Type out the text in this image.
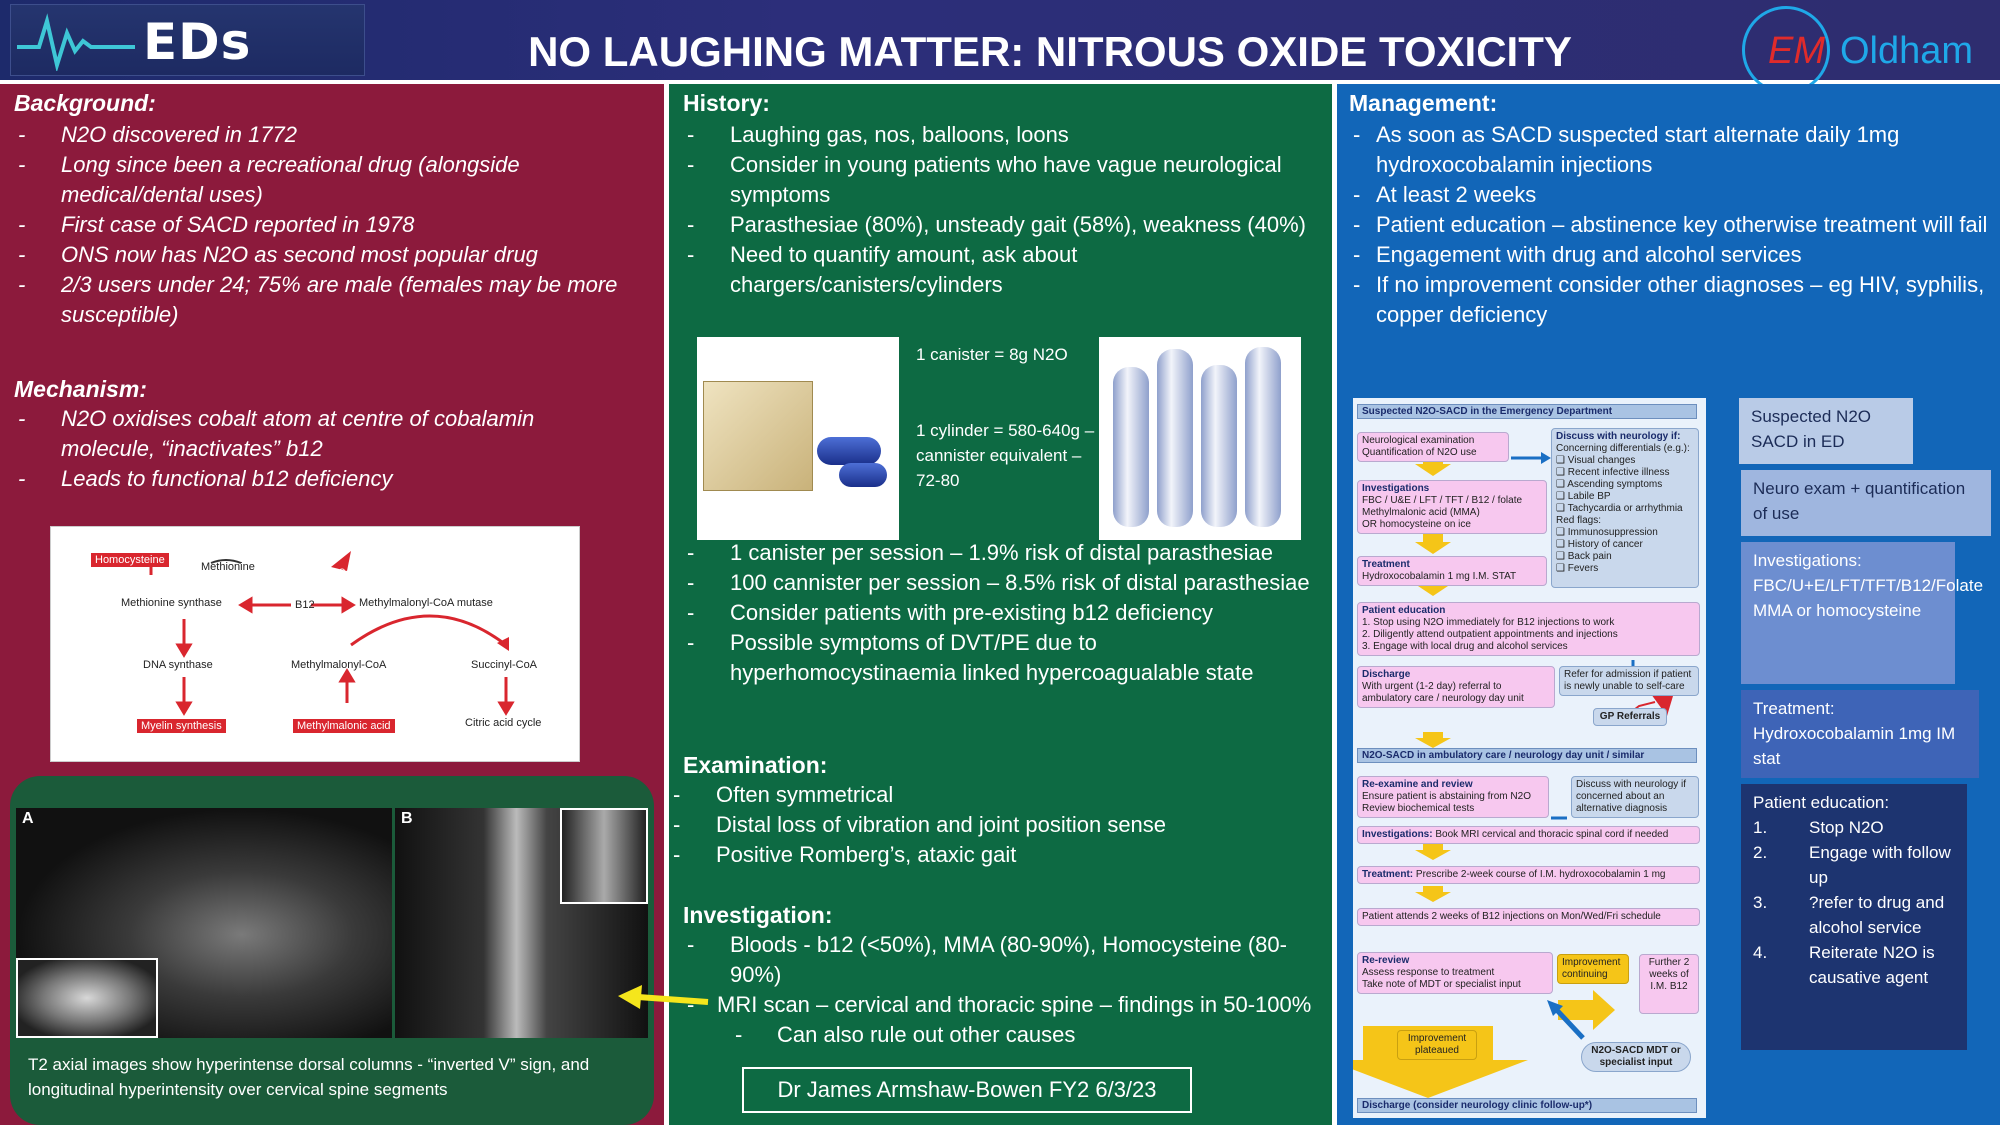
EDs	NO LAUGHING MATTER: NITROUS OXIDE TOXICITY	EM Oldham
Background:
- N2O discovered in 1772
- Long since been a recreational drug (alongside medical/dental uses)
- First case of SACD reported in 1978
- ONS now has N2O as second most popular drug
- 2/3 users under 24; 75% are male (females may be more susceptible)
Mechanism:
- N2O oxidises cobalt atom at centre of cobalamin molecule, “inactivates” b12
- Leads to functional b12 deficiency
Homocysteine
Methionine
Methionine synthase	B12
N2O
Methylmalonyl-CoA mutase
DNA synthase	Methylmalonyl-CoA	Succinyl-CoA
Myelin synthesis	Methylmalonic acid	Citric acid cycle
A	B
T2 axial images show hyperintense dorsal columns - “inverted V” sign, and longitudinal hyperintensity over cervical spine segments
History:
- Laughing gas, nos, balloons, loons
- Consider in young patients who have vague neurological symptoms
- Parasthesiae (80%), unsteady gait (58%), weakness (40%)
- Need to quantify amount, ask about chargers/canisters/cylinders
1 canister = 8g N2O
1 cylinder = 580-640g – cannister equivalent – 72-80
- 1 canister per session – 1.9% risk of distal parasthesiae
- 100 cannister per session – 8.5% risk of distal parasthesiae
- Consider patients with pre-existing b12 deficiency
- Possible symptoms of DVT/PE due to hyperhomocystinaemia linked hypercoagualable state
Examination:
- Often symmetrical
- Distal loss of vibration and joint position sense
- Positive Romberg’s, ataxic gait
Investigation:
- Bloods - b12 (<50%), MMA (80-90%), Homocysteine (80-90%)
- MRI scan – cervical and thoracic spine – findings in 50-100%
- Can also rule out other causes
Dr James Armshaw-Bowen FY2 6/3/23
Management:
- As soon as SACD suspected start alternate daily 1mg hydroxocobalamin injections
- At least 2 weeks
- Patient education – abstinence key otherwise treatment will fail
- Engagement with drug and alcohol services
- If no improvement consider other diagnoses – eg HIV, syphilis, copper deficiency
Suspected N2O-SACD in the Emergency Department
Neurological examination
Quantification of N2O use
Discuss with neurology if:
Concerning differentials (e.g.):
❑ Visual changes
❑ Recent infective illness
❑ Ascending symptoms
❑ Labile BP
❑ Tachycardia or arrhythmia
Red flags:
❑ Immunosuppression
❑ History of cancer
❑ Back pain
❑ Fevers
Investigations
FBC / U&E / LFT / TFT / B12 / folate
Methylmalonic acid (MMA)
OR homocysteine on ice
Treatment
Hydroxocobalamin 1 mg I.M. STAT
Patient education
1. Stop using N2O immediately for B12 injections to work
2. Diligently attend outpatient appointments and injections
3. Engage with local drug and alcohol services
Discharge
With urgent (1-2 day) referral to ambulatory care / neurology day unit
Refer for admission if patient is newly unable to self-care
GP Referrals
N2O-SACD in ambulatory care / neurology day unit / similar
Re-examine and review
Ensure patient is abstaining from N2O
Review biochemical tests
Discuss with neurology if concerned about an alternative diagnosis
Investigations: Book MRI cervical and thoracic spinal cord if needed
Treatment: Prescribe 2-week course of I.M. hydroxocobalamin 1 mg
Patient attends 2 weeks of B12 injections on Mon/Wed/Fri schedule
Re-review
Assess response to treatment
Take note of MDT or specialist input
Improvement continuing
Further 2 weeks of I.M. B12
Improvement plateaued	N2O-SACD MDT or specialist input
Discharge (consider neurology clinic follow-up*)
Suspected N2O SACD in ED
Neuro exam + quantification of use
Investigations: FBC/U+E/LFT/TFT/B12/Folate MMA or homocysteine
Treatment: Hydroxocobalamin 1mg IM stat
Patient education:
1. Stop N2O
2. Engage with follow up
3. ?refer to drug and alcohol service
4. Reiterate N2O is causative agent
